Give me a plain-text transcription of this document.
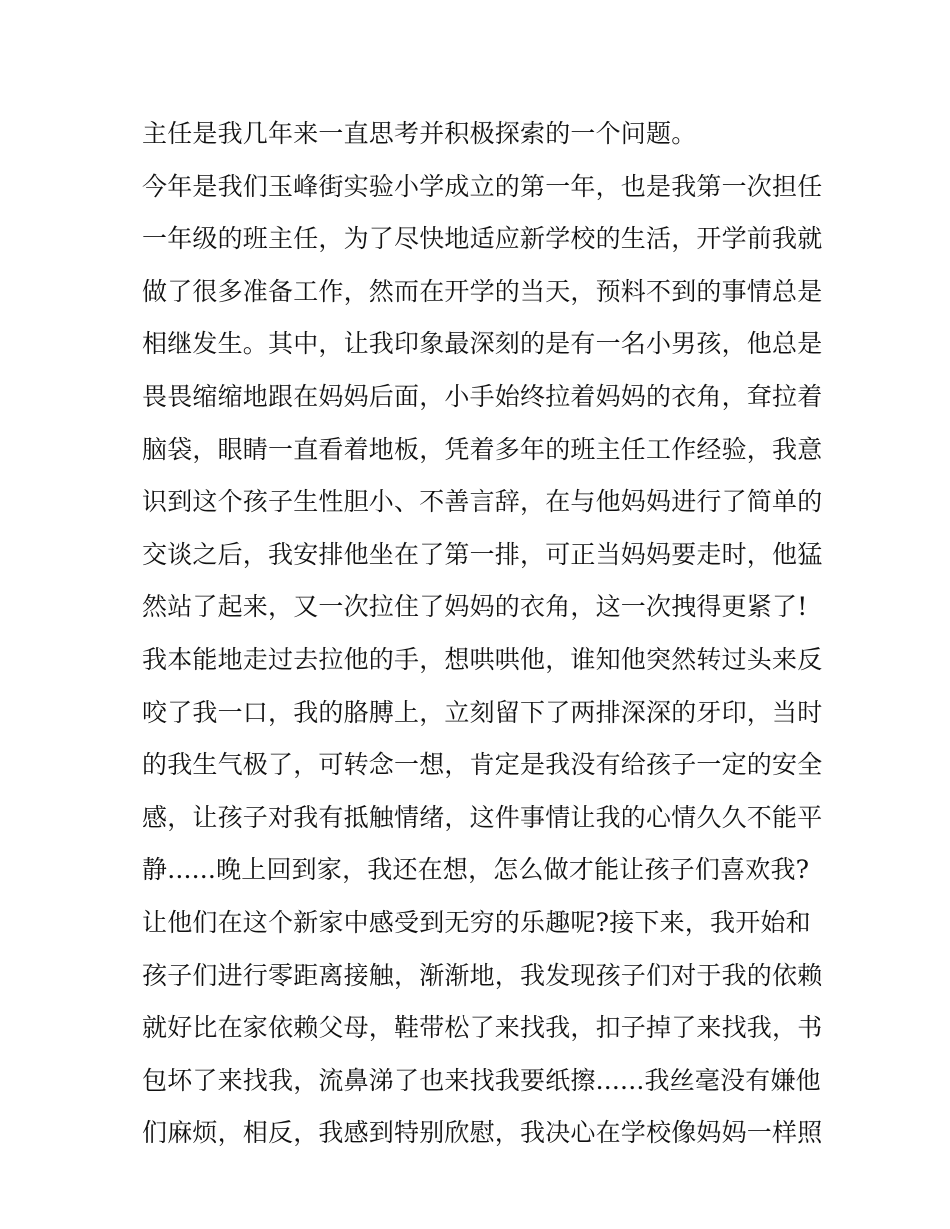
主任是我几年来一直思考并积极探索的一个问题。
今年是我们玉峰街实验小学成立的第一年，也是我第一次担任
一年级的班主任，为了尽快地适应新学校的生活，开学前我就
做了很多准备工作，然而在开学的当天，预料不到的事情总是
相继发生。其中，让我印象最深刻的是有一名小男孩，他总是
畏畏缩缩地跟在妈妈后面，小手始终拉着妈妈的衣角，耷拉着
脑袋，眼睛一直看着地板，凭着多年的班主任工作经验，我意
识到这个孩子生性胆小、不善言辞，在与他妈妈进行了简单的
交谈之后，我安排他坐在了第一排，可正当妈妈要走时，他猛
然站了起来，又一次拉住了妈妈的衣角，这一次拽得更紧了!
我本能地走过去拉他的手，想哄哄他，谁知他突然转过头来反
咬了我一口，我的胳膊上，立刻留下了两排深深的牙印，当时
的我生气极了，可转念一想，肯定是我没有给孩子一定的安全
感，让孩子对我有抵触情绪，这件事情让我的心情久久不能平
静......晚上回到家，我还在想，怎么做才能让孩子们喜欢我?
让他们在这个新家中感受到无穷的乐趣呢?接下来，我开始和
孩子们进行零距离接触，渐渐地，我发现孩子们对于我的依赖
就好比在家依赖父母，鞋带松了来找我，扣子掉了来找我，书
包坏了来找我，流鼻涕了也来找我要纸擦......我丝毫没有嫌他
们麻烦，相反，我感到特别欣慰，我决心在学校像妈妈一样照
